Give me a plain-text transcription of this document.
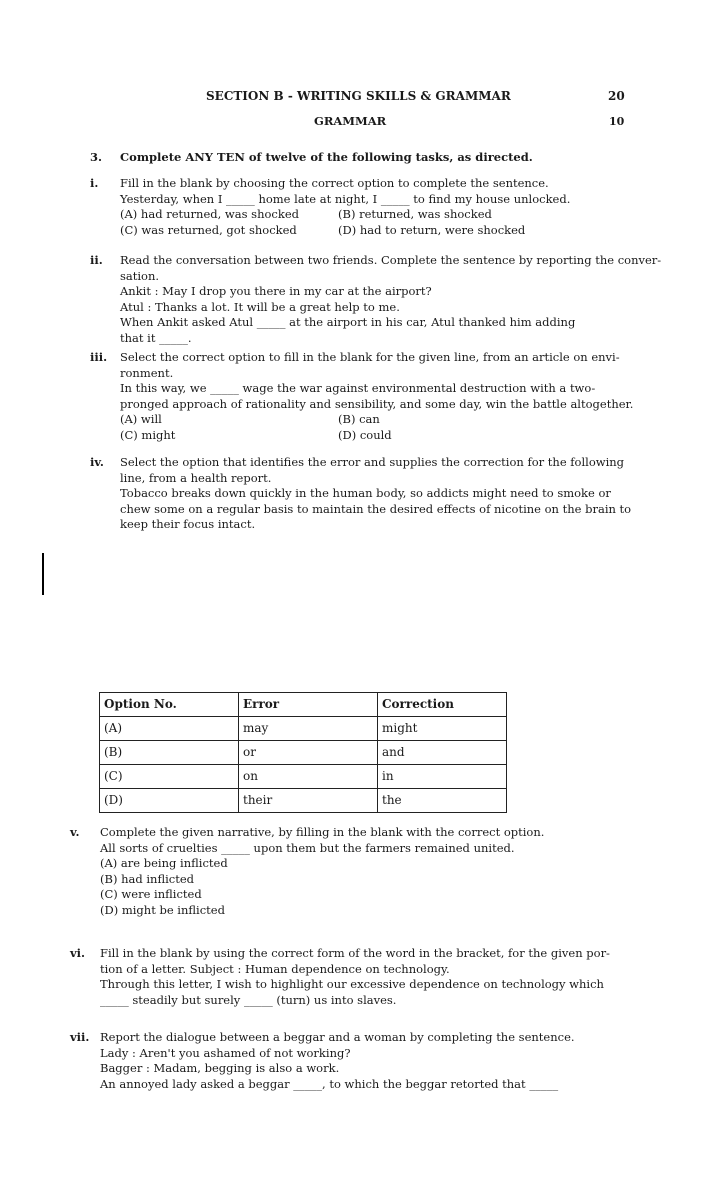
SECTION B - WRITING SKILLS & GRAMMAR	20
GRAMMAR	10
3. Complete ANY TEN of twelve of the following tasks, as directed.
i. Fill in the blank by choosing the correct option to complete the sentence.
Yesterday, when I _____ home late at night, I _____ to find my house unlocked.
(A) had returned, was shocked	(B) returned, was shocked
(C) was returned, got shocked	(D) had to return, were shocked
ii. Read the conversation between two friends. Complete the sentence by reporting the conver-
sation.
Ankit : May I drop you there in my car at the airport?
Atul : Thanks a lot. It will be a great help to me.
When Ankit asked Atul _____ at the airport in his car, Atul thanked him adding
that it _____.
iii. Select the correct option to fill in the blank for the given line, from an article on envi-
ronment.
In this way, we _____ wage the war against environmental destruction with a two-
pronged approach of rationality and sensibility, and some day, win the battle altogether.
(A) will	(B) can
(C) might	(D) could
iv. Select the option that identifies the error and supplies the correction for the following
line, from a health report.
Tobacco breaks down quickly in the human body, so addicts might need to smoke or
chew some on a regular basis to maintain the desired effects of nicotine on the brain to
keep their focus intact.
Option No.	Error	Correction
(A)	may	might
(B)	or	and
(C)	on	in
(D)	their	the
v. Complete the given narrative, by filling in the blank with the correct option.
All sorts of cruelties _____ upon them but the farmers remained united.
(A) are being inflicted
(B) had inflicted
(C) were inflicted
(D) might be inflicted
vi. Fill in the blank by using the correct form of the word in the bracket, for the given por-
tion of a letter. Subject : Human dependence on technology.
Through this letter, I wish to highlight our excessive dependence on technology which
_____ steadily but surely _____ (turn) us into slaves.
vii. Report the dialogue between a beggar and a woman by completing the sentence.
Lady : Aren't you ashamed of not working?
Bagger : Madam, begging is also a work.
An annoyed lady asked a beggar _____, to which the beggar retorted that _____
